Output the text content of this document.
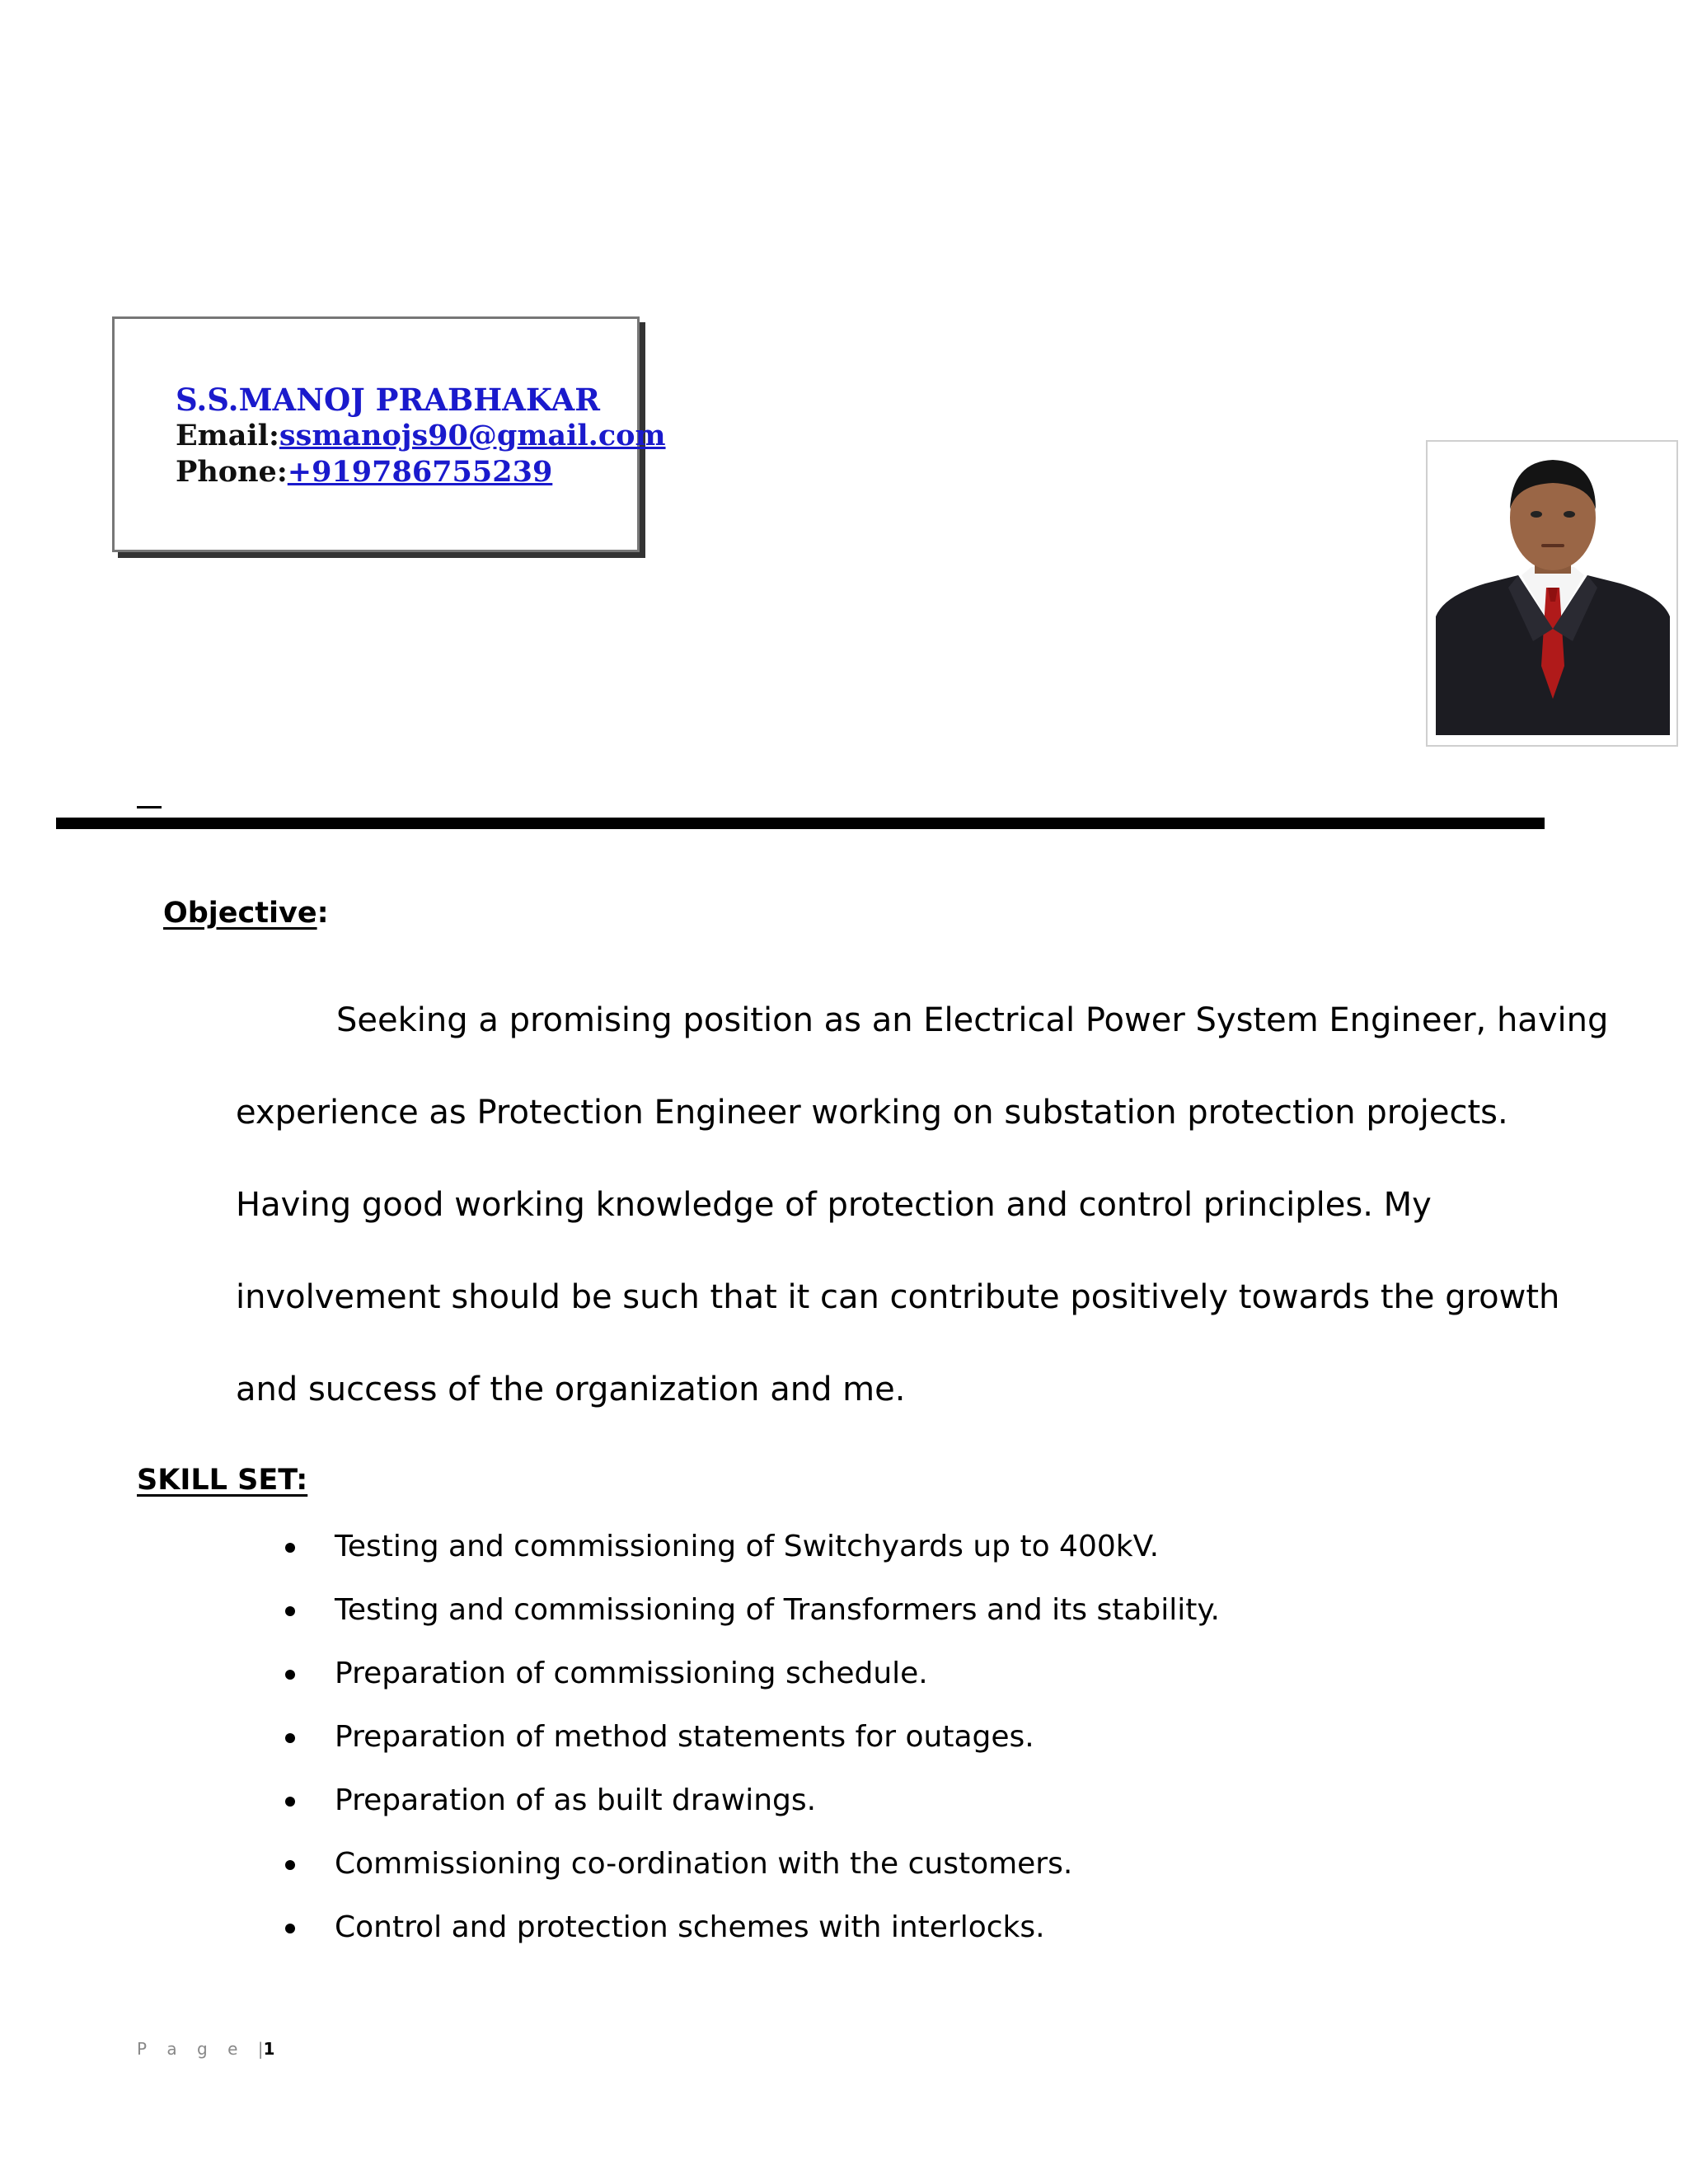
S.S.MANOJ PRABHAKAR
Email:ssmanojs90@gmail.com
Phone:+919786755239
Objective:
Seeking a promising position as an Electrical Power System Engineer, having
experience as Protection Engineer working on substation protection projects.
Having good working knowledge of protection and control principles. My
involvement should be such that it can contribute positively towards the growth
and success of the organization and me.
SKILL SET:
Testing and commissioning of Switchyards up to 400kV.
Testing and commissioning of Transformers and its stability.
Preparation of commissioning schedule.
Preparation of method statements for outages.
Preparation of as built drawings.
Commissioning co-ordination with the customers.
Control and protection schemes with interlocks.
P a g e |1
